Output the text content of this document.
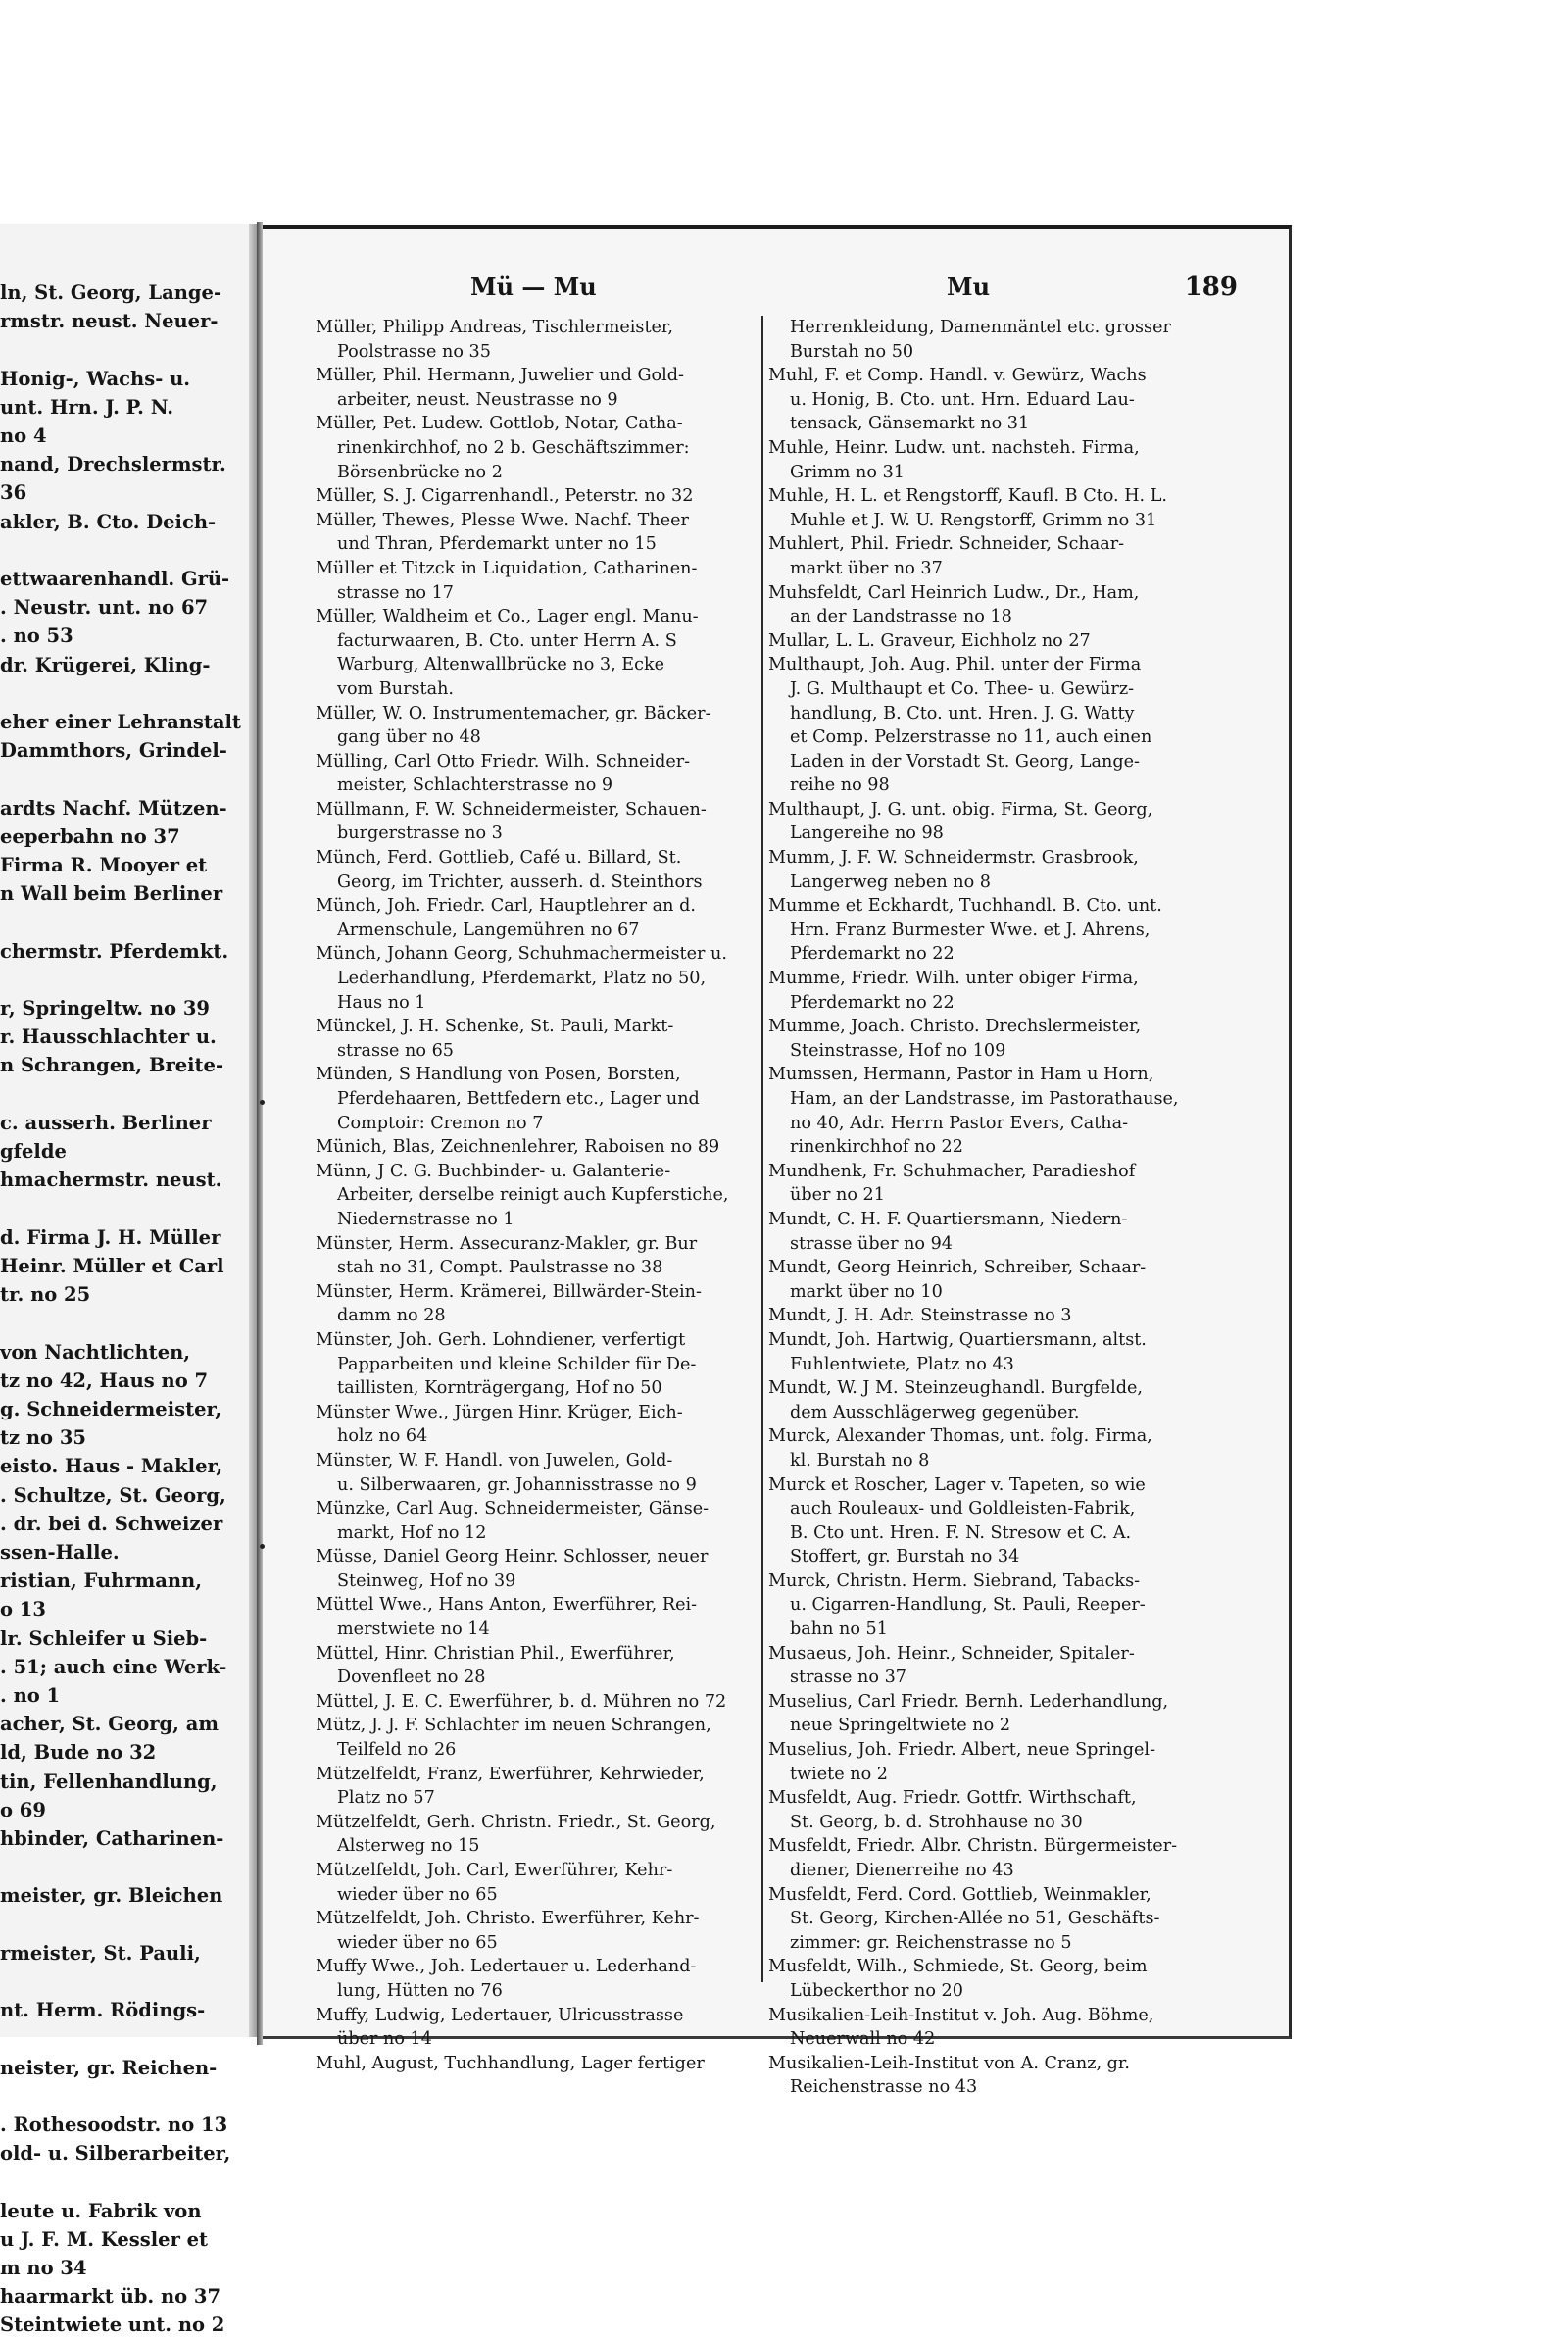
ln, St. Georg, Lange-
rmstr. neust. Neuer-

Honig-, Wachs- u.
unt. Hrn. J. P. N.
no 4
nand, Drechslermstr.
36
akler, B. Cto. Deich-

ettwaarenhandl. Grü-
. Neustr. unt. no 67
. no 53
dr. Krügerei, Kling-

eher einer Lehranstalt
Dammthors, Grindel-

ardts Nachf. Mützen-
eeperbahn no 37
Firma R. Mooyer et
n Wall beim Berliner

chermstr. Pferdemkt.

r, Springeltw. no 39
r. Hausschlachter u.
n Schrangen, Breite-

c. ausserh. Berliner
gfelde
hmachermstr. neust.

d. Firma J. H. Müller
Heinr. Müller et Carl
tr. no 25

von Nachtlichten,
tz no 42, Haus no 7
g. Schneidermeister,
tz no 35
eisto. Haus - Makler,
. Schultze, St. Georg,
. dr. bei d. Schweizer
ssen-Halle.
ristian, Fuhrmann,
o 13
lr. Schleifer u Sieb-
. 51; auch eine Werk-
. no 1
acher, St. Georg, am
ld, Bude no 32
tin, Fellenhandlung,
o 69
hbinder, Catharinen-

meister, gr. Bleichen

rmeister, St. Pauli,

nt. Herm. Rödings-

neister, gr. Reichen-

. Rothesoodstr. no 13
old- u. Silberarbeiter,

leute u. Fabrik von
u J. F. M. Kessler et
m no 34
haarmarkt üb. no 37
Steintwiete unt. no 2
Mü — Mu	Mu	189
Müller, Philipp Andreas, Tischlermeister,
Poolstrasse no 35
Müller, Phil. Hermann, Juwelier und Gold-
arbeiter, neust. Neustrasse no 9
Müller, Pet. Ludew. Gottlob, Notar, Catha-
rinenkirchhof, no 2 b. Geschäftszimmer:
Börsenbrücke no 2
Müller, S. J. Cigarrenhandl., Peterstr. no 32
Müller, Thewes, Plesse Wwe. Nachf. Theer
und Thran, Pferdemarkt unter no 15
Müller et Titzck in Liquidation, Catharinen-
strasse no 17
Müller, Waldheim et Co., Lager engl. Manu-
facturwaaren, B. Cto. unter Herrn A. S
Warburg, Altenwallbrücke no 3, Ecke
vom Burstah.
Müller, W. O. Instrumentemacher, gr. Bäcker-
gang über no 48
Mülling, Carl Otto Friedr. Wilh. Schneider-
meister, Schlachterstrasse no 9
Müllmann, F. W. Schneidermeister, Schauen-
burgerstrasse no 3
Münch, Ferd. Gottlieb, Café u. Billard, St.
Georg, im Trichter, ausserh. d. Steinthors
Münch, Joh. Friedr. Carl, Hauptlehrer an d.
Armenschule, Langemühren no 67
Münch, Johann Georg, Schuhmachermeister u.
Lederhandlung, Pferdemarkt, Platz no 50,
Haus no 1
Münckel, J. H. Schenke, St. Pauli, Markt-
strasse no 65
Münden, S Handlung von Posen, Borsten,
Pferdehaaren, Bettfedern etc., Lager und
Comptoir: Cremon no 7
Münich, Blas, Zeichnenlehrer, Raboisen no 89
Münn, J C. G. Buchbinder- u. Galanterie-
Arbeiter, derselbe reinigt auch Kupferstiche,
Niedernstrasse no 1
Münster, Herm. Assecuranz-Makler, gr. Bur
stah no 31, Compt. Paulstrasse no 38
Münster, Herm. Krämerei, Billwärder-Stein-
damm no 28
Münster, Joh. Gerh. Lohndiener, verfertigt
Papparbeiten und kleine Schilder für De-
taillisten, Kornträgergang, Hof no 50
Münster Wwe., Jürgen Hinr. Krüger, Eich-
holz no 64
Münster, W. F. Handl. von Juwelen, Gold-
u. Silberwaaren, gr. Johannisstrasse no 9
Münzke, Carl Aug. Schneidermeister, Gänse-
markt, Hof no 12
Müsse, Daniel Georg Heinr. Schlosser, neuer
Steinweg, Hof no 39
Müttel Wwe., Hans Anton, Ewerführer, Rei-
merstwiete no 14
Müttel, Hinr. Christian Phil., Ewerführer,
Dovenfleet no 28
Müttel, J. E. C. Ewerführer, b. d. Mühren no 72
Mütz, J. J. F. Schlachter im neuen Schrangen,
Teilfeld no 26
Mützelfeldt, Franz, Ewerführer, Kehrwieder,
Platz no 57
Mützelfeldt, Gerh. Christn. Friedr., St. Georg,
Alsterweg no 15
Mützelfeldt, Joh. Carl, Ewerführer, Kehr-
wieder über no 65
Mützelfeldt, Joh. Christo. Ewerführer, Kehr-
wieder über no 65
Muffy Wwe., Joh. Ledertauer u. Lederhand-
lung, Hütten no 76
Muffy, Ludwig, Ledertauer, Ulricusstrasse
über no 14
Muhl, August, Tuchhandlung, Lager fertiger
Herrenkleidung, Damenmäntel etc. grosser
Burstah no 50
Muhl, F. et Comp. Handl. v. Gewürz, Wachs
u. Honig, B. Cto. unt. Hrn. Eduard Lau-
tensack, Gänsemarkt no 31
Muhle, Heinr. Ludw. unt. nachsteh. Firma,
Grimm no 31
Muhle, H. L. et Rengstorff, Kaufl. B Cto. H. L.
Muhle et J. W. U. Rengstorff, Grimm no 31
Muhlert, Phil. Friedr. Schneider, Schaar-
markt über no 37
Muhsfeldt, Carl Heinrich Ludw., Dr., Ham,
an der Landstrasse no 18
Mullar, L. L. Graveur, Eichholz no 27
Multhaupt, Joh. Aug. Phil. unter der Firma
J. G. Multhaupt et Co. Thee- u. Gewürz-
handlung, B. Cto. unt. Hren. J. G. Watty
et Comp. Pelzerstrasse no 11, auch einen
Laden in der Vorstadt St. Georg, Lange-
reihe no 98
Multhaupt, J. G. unt. obig. Firma, St. Georg,
Langereihe no 98
Mumm, J. F. W. Schneidermstr. Grasbrook,
Langerweg neben no 8
Mumme et Eckhardt, Tuchhandl. B. Cto. unt.
Hrn. Franz Burmester Wwe. et J. Ahrens,
Pferdemarkt no 22
Mumme, Friedr. Wilh. unter obiger Firma,
Pferdemarkt no 22
Mumme, Joach. Christo. Drechslermeister,
Steinstrasse, Hof no 109
Mumssen, Hermann, Pastor in Ham u Horn,
Ham, an der Landstrasse, im Pastorathause,
no 40, Adr. Herrn Pastor Evers, Catha-
rinenkirchhof no 22
Mundhenk, Fr. Schuhmacher, Paradieshof
über no 21
Mundt, C. H. F. Quartiersmann, Niedern-
strasse über no 94
Mundt, Georg Heinrich, Schreiber, Schaar-
markt über no 10
Mundt, J. H. Adr. Steinstrasse no 3
Mundt, Joh. Hartwig, Quartiersmann, altst.
Fuhlentwiete, Platz no 43
Mundt, W. J M. Steinzeughandl. Burgfelde,
dem Ausschlägerweg gegenüber.
Murck, Alexander Thomas, unt. folg. Firma,
kl. Burstah no 8
Murck et Roscher, Lager v. Tapeten, so wie
auch Rouleaux- und Goldleisten-Fabrik,
B. Cto unt. Hren. F. N. Stresow et C. A.
Stoffert, gr. Burstah no 34
Murck, Christn. Herm. Siebrand, Tabacks-
u. Cigarren-Handlung, St. Pauli, Reeper-
bahn no 51
Musaeus, Joh. Heinr., Schneider, Spitaler-
strasse no 37
Muselius, Carl Friedr. Bernh. Lederhandlung,
neue Springeltwiete no 2
Muselius, Joh. Friedr. Albert, neue Springel-
twiete no 2
Musfeldt, Aug. Friedr. Gottfr. Wirthschaft,
St. Georg, b. d. Strohhause no 30
Musfeldt, Friedr. Albr. Christn. Bürgermeister-
diener, Dienerreihe no 43
Musfeldt, Ferd. Cord. Gottlieb, Weinmakler,
St. Georg, Kirchen-Allée no 51, Geschäfts-
zimmer: gr. Reichenstrasse no 5
Musfeldt, Wilh., Schmiede, St. Georg, beim
Lübeckerthor no 20
Musikalien-Leih-Institut v. Joh. Aug. Böhme,
Neuerwall no 42
Musikalien-Leih-Institut von A. Cranz, gr.
Reichenstrasse no 43
